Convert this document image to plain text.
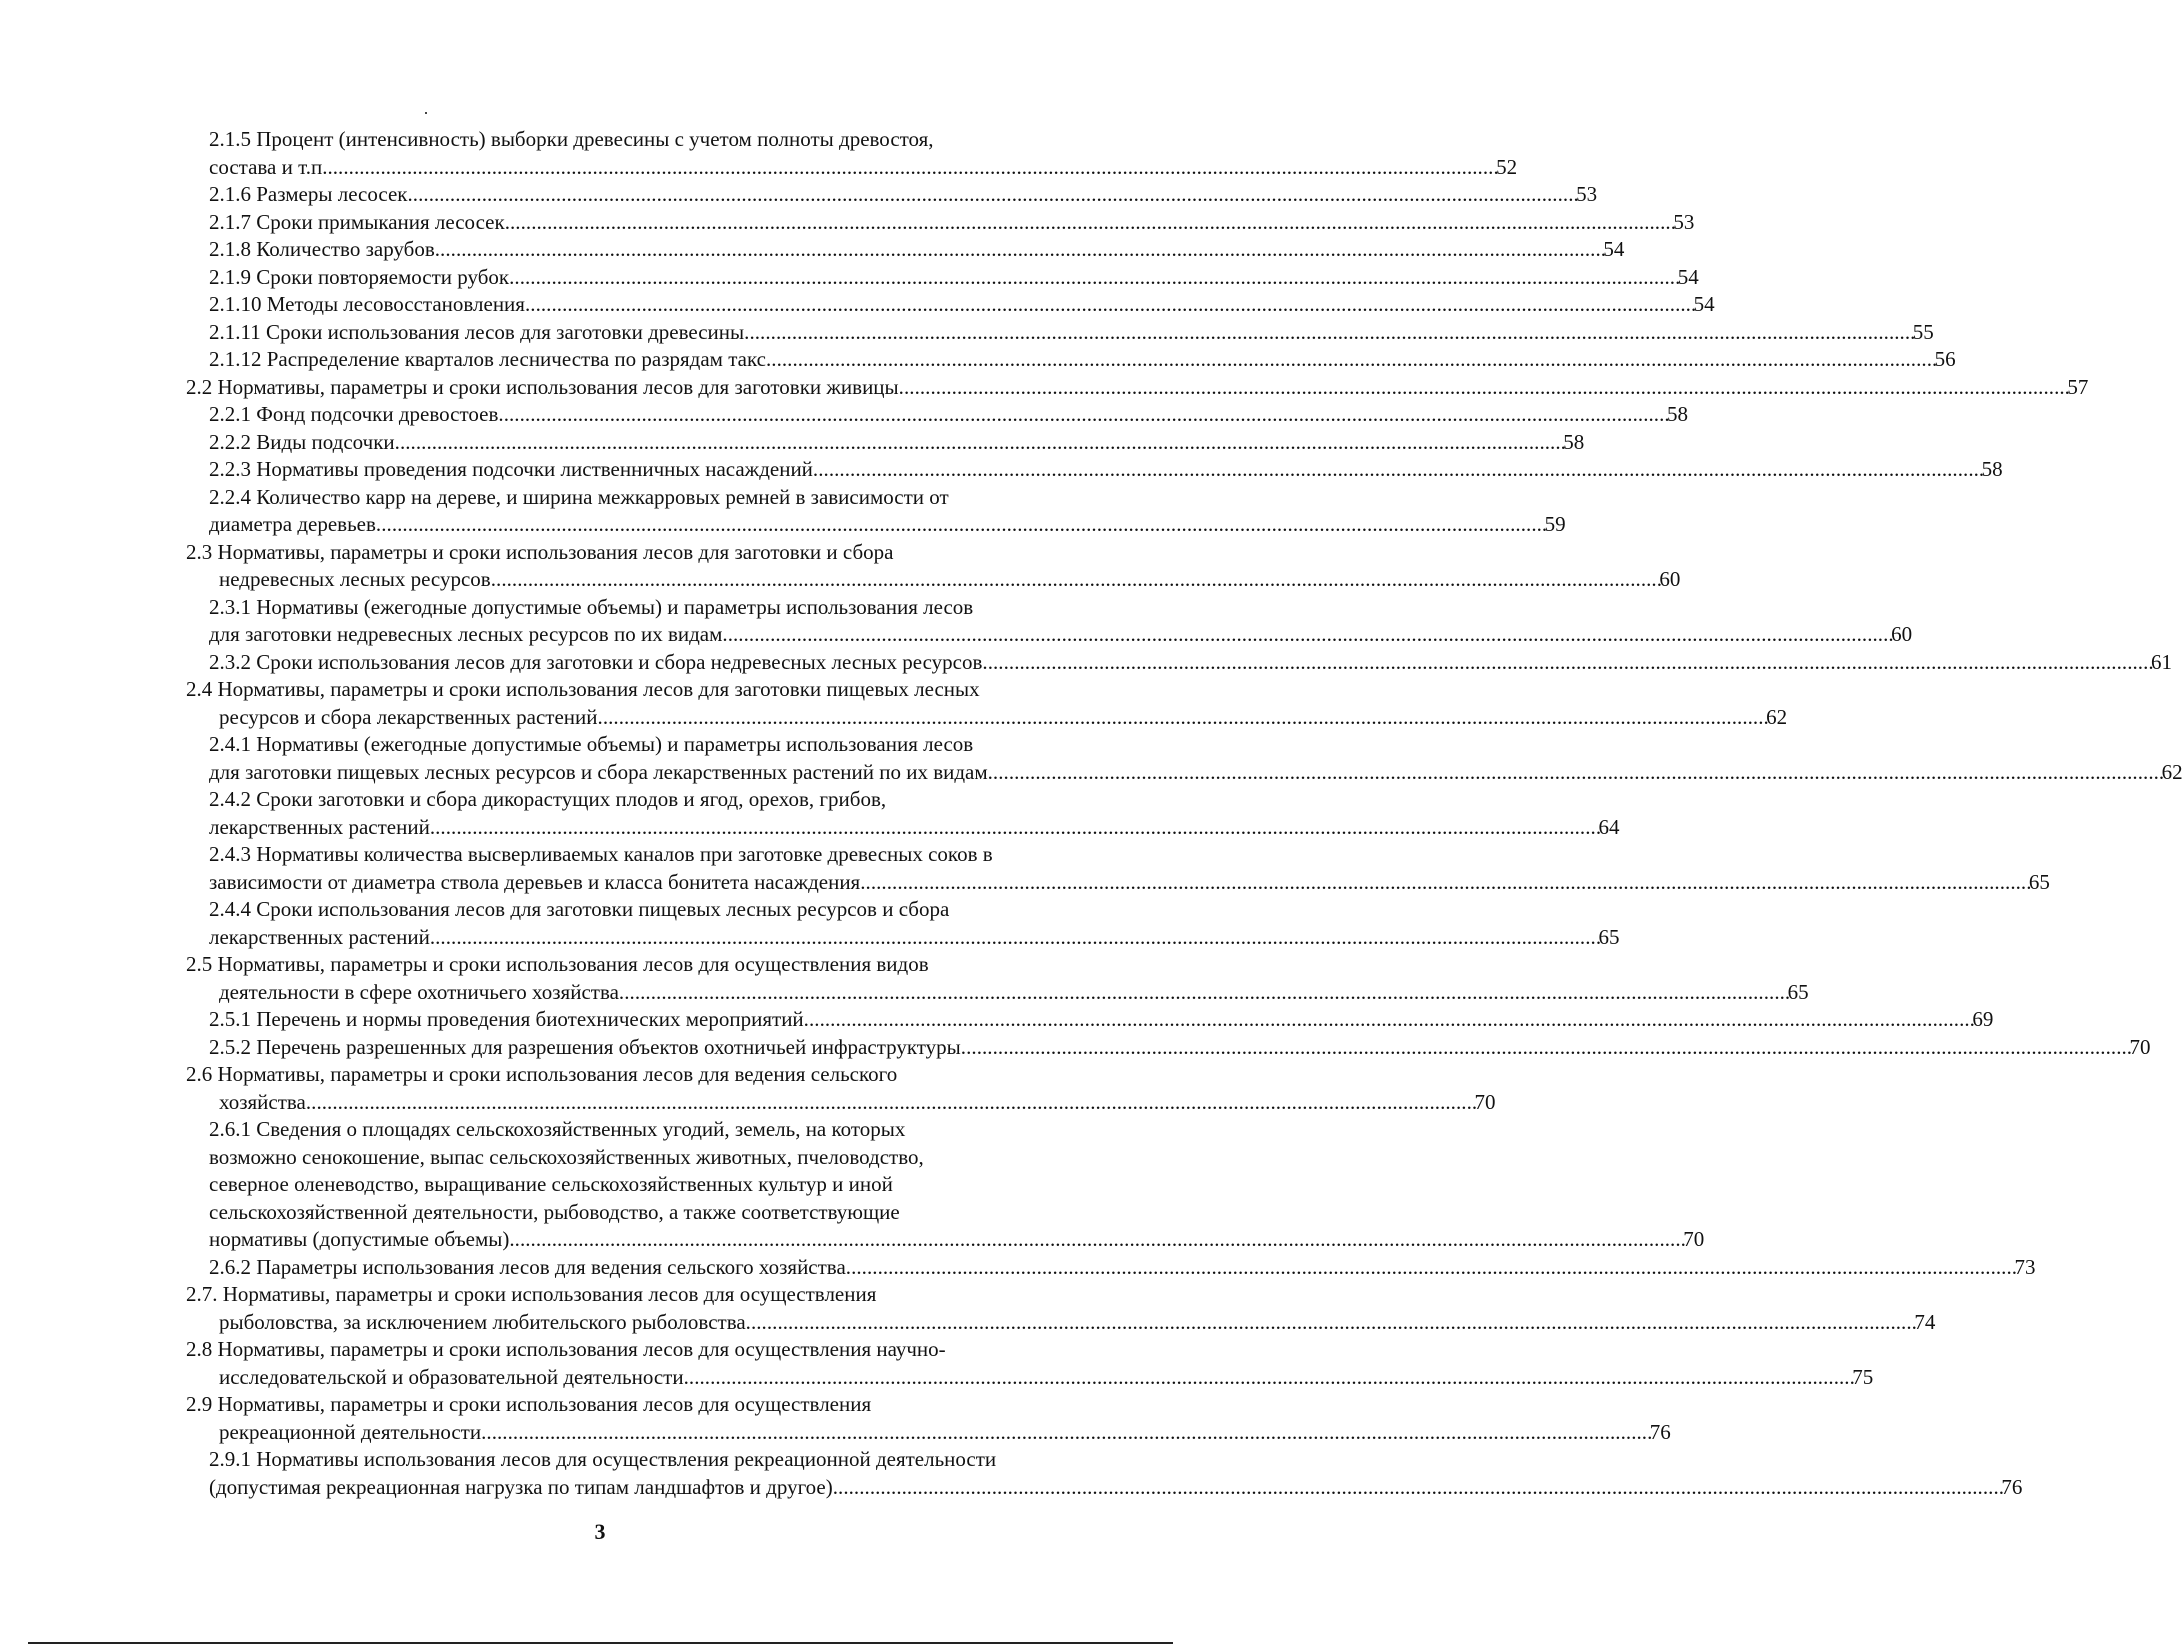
2.1.5 Процент (интенсивность) выборки древесины с учетом полноты древостоя,
состава и т.п. . . .	52
2.1.6 Размеры лесосек . . .	53
2.1.7 Сроки примыкания лесосек . . .	53
2.1.8 Количество зарубов . . .	54
2.1.9 Сроки повторяемости рубок . . .	54
2.1.10 Методы лесовосстановления . . .	54
2.1.11 Сроки использования лесов для заготовки древесины . . .	55
2.1.12 Распределение кварталов лесничества по разрядам такс . . .	56
2.2 Нормативы, параметры и сроки использования лесов для заготовки живицы . . .	57
2.2.1 Фонд подсочки древостоев . . .	58
2.2.2 Виды подсочки . . .	58
2.2.3 Нормативы проведения подсочки лиственничных насаждений . . .	58
2.2.4 Количество карр на дереве, и ширина межкарровых ремней в зависимости от
диаметра деревьев . . .	59
2.3 Нормативы, параметры и сроки использования лесов для заготовки и сбора
недревесных лесных ресурсов . . .	60
2.3.1 Нормативы (ежегодные допустимые объемы) и параметры использования лесов
для заготовки недревесных лесных ресурсов по их видам . . .	60
2.3.2 Сроки использования лесов для заготовки и сбора недревесных лесных ресурсов . . .	61
2.4 Нормативы, параметры и сроки использования лесов для заготовки пищевых лесных
ресурсов и сбора лекарственных растений . . .	62
2.4.1 Нормативы (ежегодные допустимые объемы) и параметры использования лесов
для заготовки пищевых лесных ресурсов и сбора лекарственных растений по их видам. . . .	62
2.4.2 Сроки заготовки и сбора дикорастущих плодов и ягод, орехов, грибов,
лекарственных растений . . .	64
2.4.3 Нормативы количества высверливаемых каналов при заготовке древесных соков в
зависимости от диаметра ствола деревьев и класса бонитета насаждения . . .	65
2.4.4 Сроки использования лесов для заготовки пищевых лесных ресурсов и сбора
лекарственных растений . . .	65
2.5 Нормативы, параметры и сроки использования лесов для осуществления видов
деятельности в сфере охотничьего хозяйства . . .	65
2.5.1 Перечень и нормы проведения биотехнических мероприятий . . .	69
2.5.2 Перечень разрешенных для разрешения объектов охотничьей инфраструктуры . . .	70
2.6 Нормативы, параметры и сроки использования лесов для ведения сельского
хозяйства . . .	70
2.6.1 Сведения о площадях сельскохозяйственных угодий, земель, на которых
возможно сенокошение, выпас сельскохозяйственных животных, пчеловодство,
северное оленеводство, выращивание сельскохозяйственных культур и иной
сельскохозяйственной деятельности, рыбоводство, а также соответствующие
нормативы (допустимые объемы). . . .	70
2.6.2 Параметры использования лесов для ведения сельского хозяйства . . .	73
2.7. Нормативы, параметры и сроки использования лесов для осуществления
рыболовства, за исключением любительского рыболовства . . .	74
2.8 Нормативы, параметры и сроки использования лесов для осуществления научно-
исследовательской и образовательной деятельности . . .	75
2.9 Нормативы, параметры и сроки использования лесов для осуществления
рекреационной деятельности . . .	76
2.9.1 Нормативы использования лесов для осуществления рекреационной деятельности
(допустимая рекреационная нагрузка по типам ландшафтов и другое) . . .	76
3
